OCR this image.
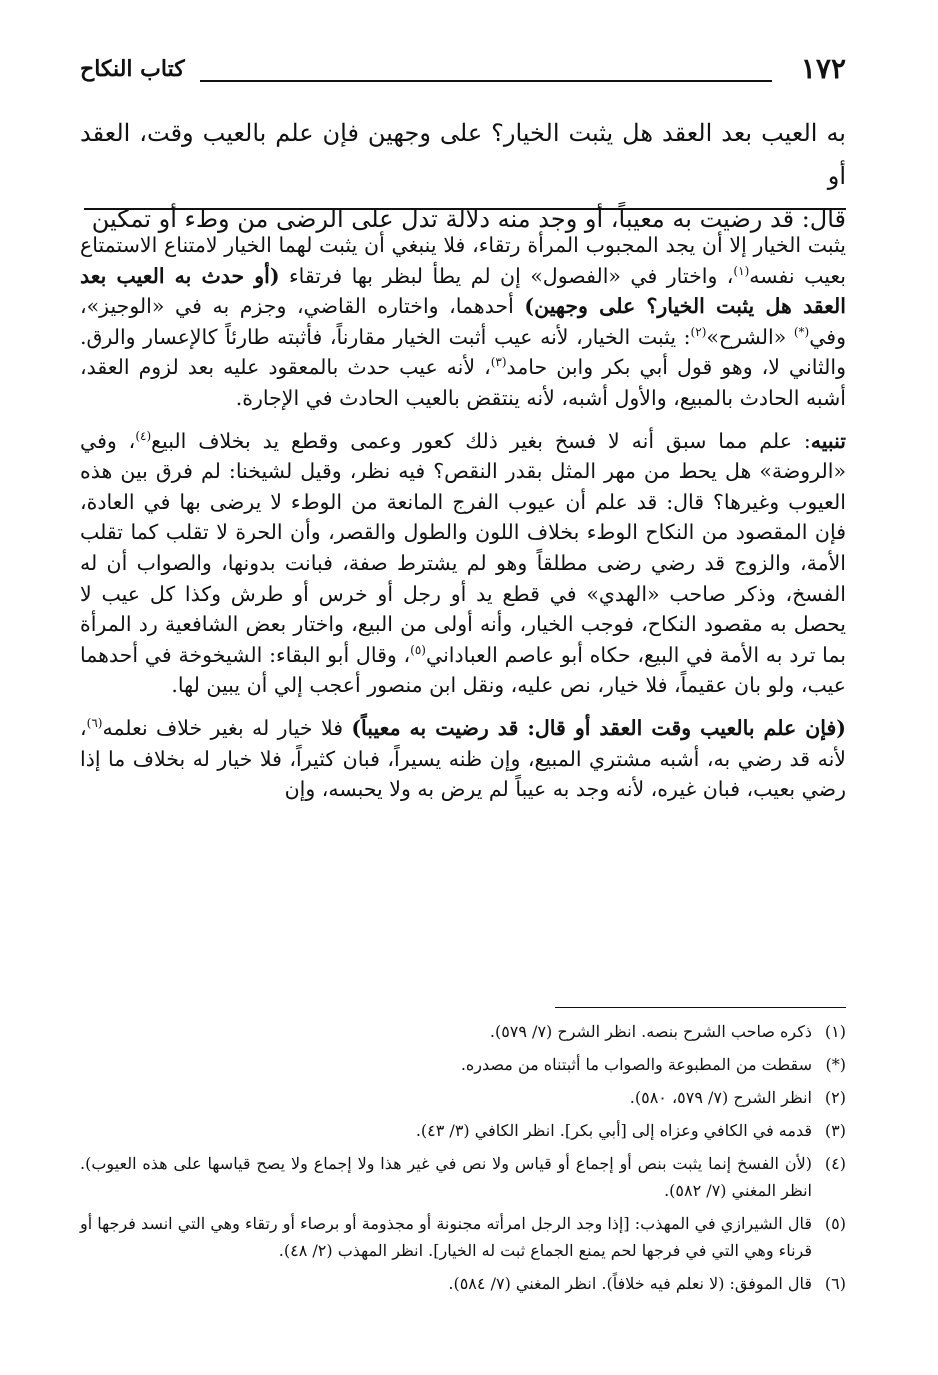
١٧٢
كتاب النكاح

به العيب بعد العقد هل يثبت الخيار؟ على وجهين فإن علم بالعيب وقت، العقد أو

قال: قد رضيت به معيباً، أو وجد منه دلالة تدل على الرضى من وطء أو تمكين

يثبت الخيار إلا أن يجد المجبوب المرأة رتقاء، فلا ينبغي أن يثبت لهما الخيار لامتناع الاستمتاع بعيب نفسه$^{(١)}$، واختار في «الفصول» إن لم يطأ لبظر بها فرتقاء (أو حدث به العيب بعد العقد هل يثبت الخيار؟ على وجهين) أحدهما، واختاره القاضي، وجزم به في «الوجيز»، وفي(*) «الشرح»$^{(٢)}$: يثبت الخيار، لأنه عيب أثبت الخيار مقارناً، فأثبته طارئاً كالإعسار والرق. والثاني لا، وهو قول أبي بكر وابن حامد$^{(٣)}$، لأنه عيب حدث بالمعقود عليه بعد لزوم العقد، أشبه الحادث بالمبيع، والأول أشبه، لأنه ينتقض بالعيب الحادث في الإجارة.

تنبيه: علم مما سبق أنه لا فسخ بغير ذلك كعور وعمى وقطع يد بخلاف البيع$^{(٤)}$، وفي «الروضة» هل يحط من مهر المثل بقدر النقص؟ فيه نظر، وقيل لشيخنا: لم فرق بين هذه العيوب وغيرها؟ قال: قد علم أن عيوب الفرج المانعة من الوطء لا يرضى بها في العادة، فإن المقصود من النكاح الوطء بخلاف اللون والطول والقصر، وأن الحرة لا تقلب كما تقلب الأمة، والزوج قد رضي رضى مطلقاً وهو لم يشترط صفة، فبانت بدونها، والصواب أن له الفسخ، وذكر صاحب «الهدي» في قطع يد أو رجل أو خرس أو طرش وكذا كل عيب لا يحصل به مقصود النكاح، فوجب الخيار، وأنه أولى من البيع، واختار بعض الشافعية رد المرأة بما ترد به الأمة في البيع، حكاه أبو عاصم العباداني$^{(٥)}$، وقال أبو البقاء: الشيخوخة في أحدهما عيب، ولو بان عقيماً، فلا خيار، نص عليه، ونقل ابن منصور أعجب إلي أن يبين لها.

(فإن علم بالعيب وقت العقد أو قال: قد رضيت به معيباً) فلا خيار له بغير خلاف نعلمه$^{(٦)}$، لأنه قد رضي به، أشبه مشتري المبيع، وإن ظنه يسيراً، فبان كثيراً، فلا خيار له بخلاف ما إذا رضي بعيب، فبان غيره، لأنه وجد به عيباً لم يرض به ولا يحبسه، وإن

(١)
ذكره صاحب الشرح بنصه. انظر الشرح (٧/ ٥٧٩).
(*)
سقطت من المطبوعة والصواب ما أثبتناه من مصدره.
(٢)
انظر الشرح (٧/ ٥٧٩، ٥٨٠).
(٣)
قدمه في الكافي وعزاه إلى [أبي بكر]. انظر الكافي (٣/ ٤٣).
(٤)
(لأن الفسخ إنما يثبت بنص أو إجماع أو قياس ولا نص في غير هذا ولا إجماع ولا يصح قياسها على هذه العيوب). انظر المغني (٧/ ٥٨٢).
(٥)
قال الشيرازي في المهذب: [إذا وجد الرجل امرأته مجنونة أو مجذومة أو برصاء أو رتقاء وهي التي انسد فرجها أو قرناء وهي التي في فرجها لحم يمنع الجماع ثبت له الخيار]. انظر المهذب (٢/ ٤٨).
(٦)
قال الموفق: (لا نعلم فيه خلافاً). انظر المغني (٧/ ٥٨٤).
